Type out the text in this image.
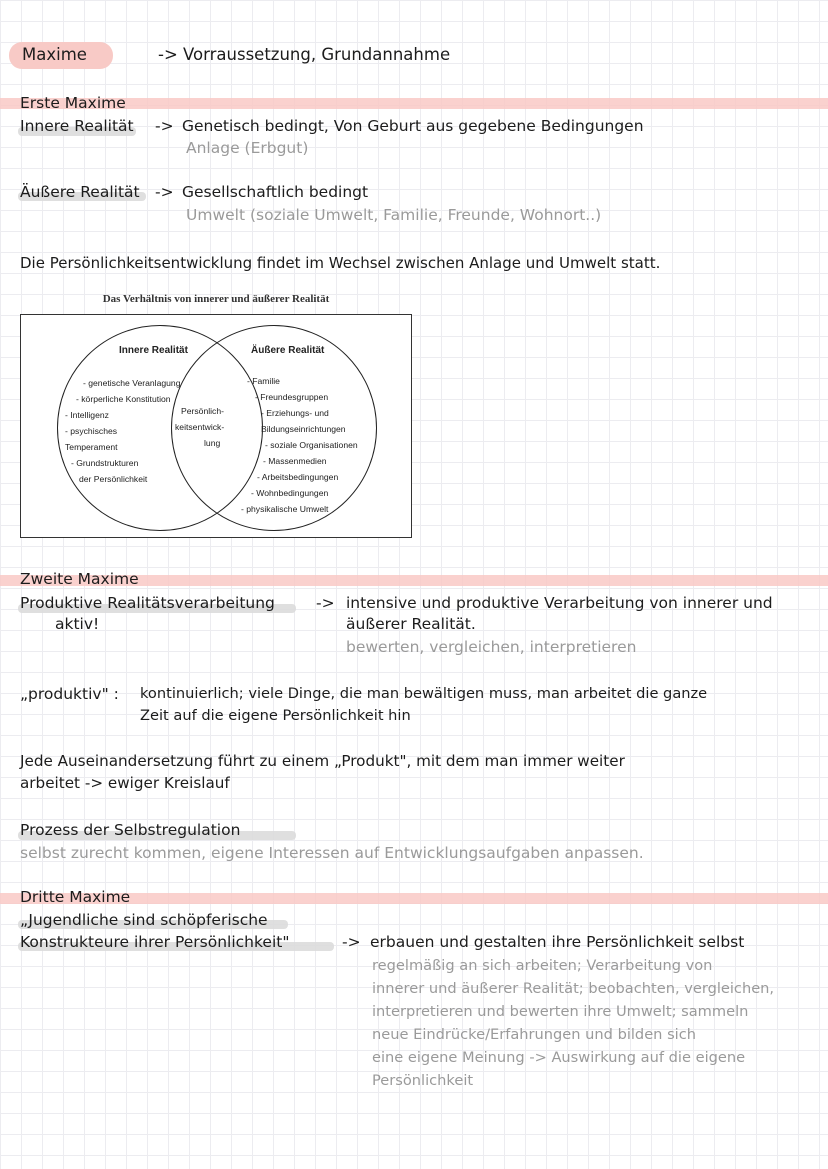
Maxime	-> Vorraussetzung, Grundannahme
Erste Maxime
Innere Realität -> Genetisch bedingt, Von Geburt aus gegebene Bedingungen
Anlage (Erbgut)
Äußere Realität -> Gesellschaftlich bedingt
Umwelt (soziale Umwelt, Familie, Freunde, Wohnort..)
Die Persönlichkeitsentwicklung findet im Wechsel zwischen Anlage und Umwelt statt.
Das Verhältnis von innerer und äußerer Realität
Innere Realität	Äußere Realität
- genetische Veranlagung
- körperliche Konstitution
- Intelligenz
- psychisches
Temperament
- Grundstrukturen
der Persönlichkeit
Persönlich-
keitsentwick-
lung
- Familie
- Freundesgruppen
- Erziehungs- und
Bildungseinrichtungen
- soziale Organisationen
- Massenmedien
- Arbeitsbedingungen
- Wohnbedingungen
- physikalische Umwelt
Zweite Maxime
Produktive Realitätsverarbeitung
aktiv!
-> intensive und produktive Verarbeitung von innerer und
äußerer Realität.
bewerten, vergleichen, interpretieren
„produktiv" : kontinuierlich; viele Dinge, die man bewältigen muss, man arbeitet die ganze
Zeit auf die eigene Persönlichkeit hin
Jede Auseinandersetzung führt zu einem „Produkt", mit dem man immer weiter
arbeitet -> ewiger Kreislauf
Prozess der Selbstregulation
selbst zurecht kommen, eigene Interessen auf Entwicklungsaufgaben anpassen.
Dritte Maxime
„Jugendliche sind schöpferische
Konstrukteure ihrer Persönlichkeit"	-> erbauen und gestalten ihre Persönlichkeit selbst
regelmäßig an sich arbeiten; Verarbeitung von
innerer und äußerer Realität; beobachten, vergleichen,
interpretieren und bewerten ihre Umwelt; sammeln
neue Eindrücke/Erfahrungen und bilden sich
eine eigene Meinung -> Auswirkung auf die eigene
Persönlichkeit
